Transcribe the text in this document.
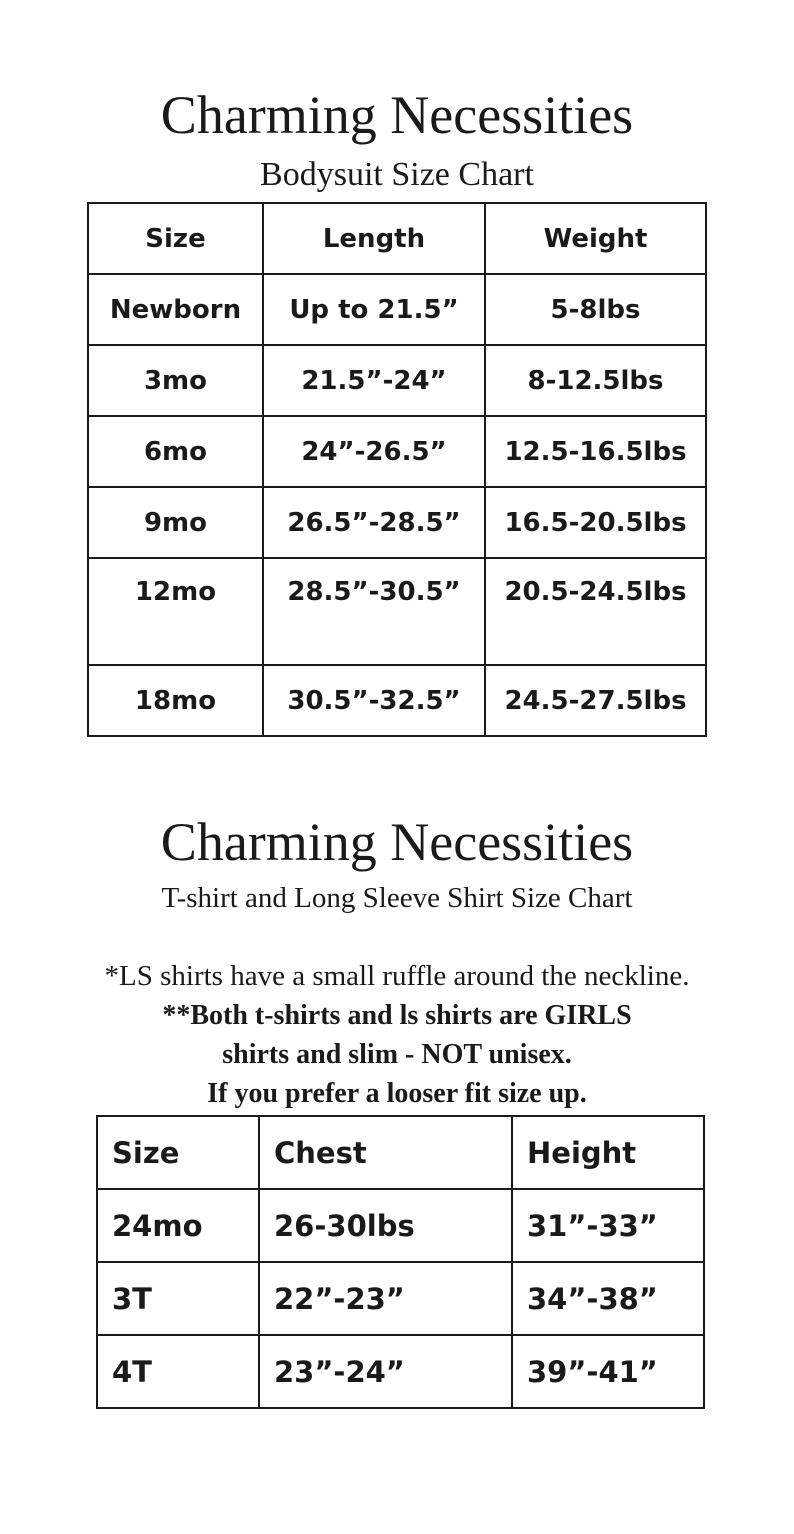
Charming Necessities
Bodysuit Size Chart
Size	Length	Weight
Newborn	Up to 21.5”	5-8lbs
3mo	21.5”-24”	8-12.5lbs
6mo	24”-26.5”	12.5-16.5lbs
9mo	26.5”-28.5”	16.5-20.5lbs
12mo	28.5”-30.5”	20.5-24.5lbs
18mo	30.5”-32.5”	24.5-27.5lbs
Charming Necessities
T-shirt and Long Sleeve Shirt Size Chart

*LS shirts have a small ruffle around the neckline.

**Both t-shirts and ls shirts are GIRLS

shirts and slim - NOT unisex.

If you prefer a looser fit size up.

Size	Chest	Height
24mo	26-30lbs	31”-33”
3T	22”-23”	34”-38”
4T	23”-24”	39”-41”
